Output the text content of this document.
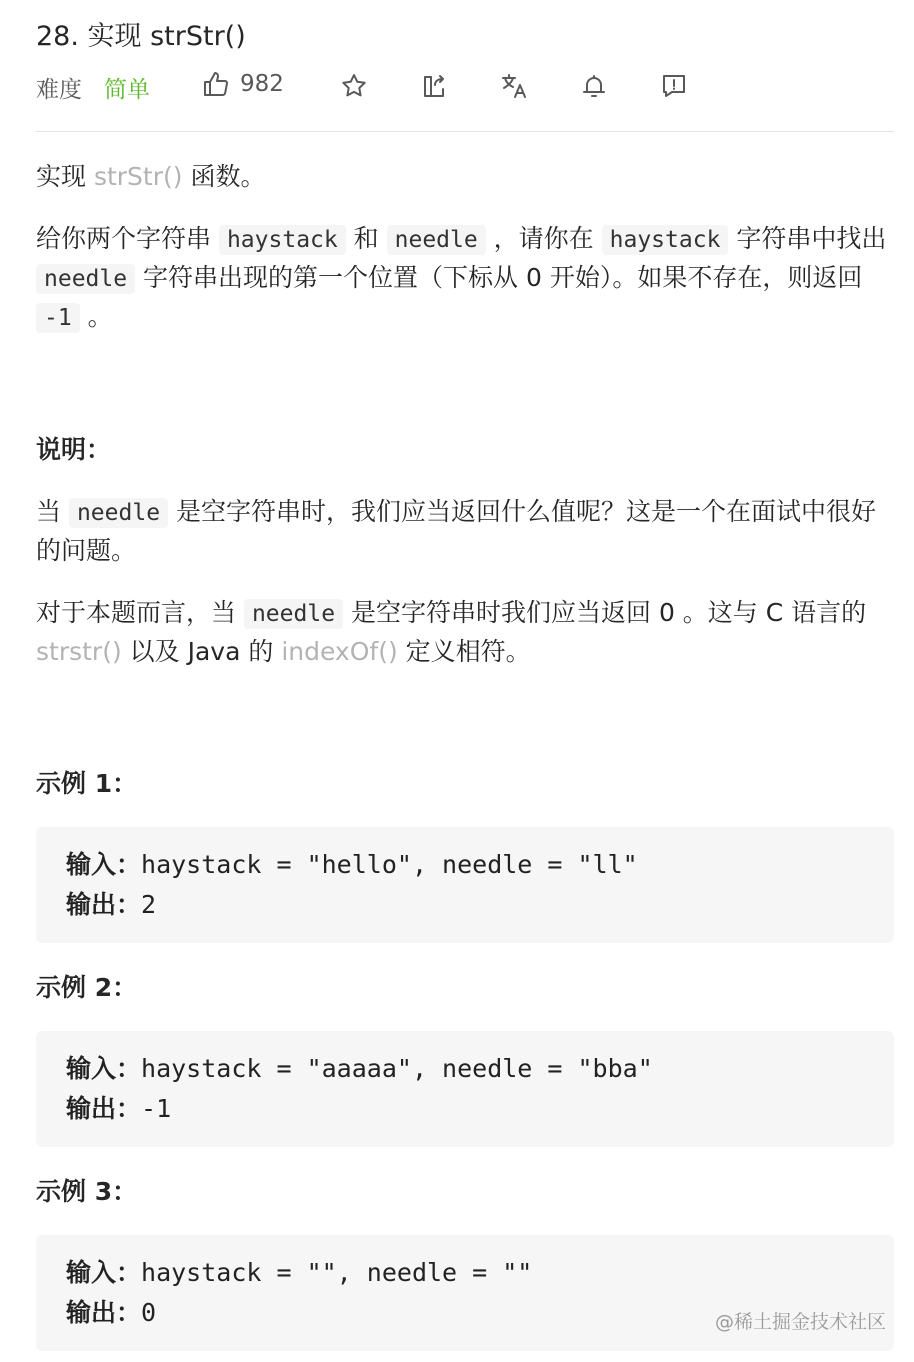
28. 实现 strStr()
难度 简单	982

实现 strStr() 函数。

给你两个字符串 haystack 和 needle ，请你在 haystack 字符串中找出 needle 字符串出现的第一个位置（下标从 0 开始）。如果不存在，则返回 -1 。

说明：

当 needle 是空字符串时，我们应当返回什么值呢？这是一个在面试中很好的问题。

对于本题而言，当 needle 是空字符串时我们应当返回 0 。这与 C 语言的 strstr() 以及 Java 的 indexOf() 定义相符。

示例 1：

输入：haystack = "hello", needle = "ll"
输出：2

示例 2：

输入：haystack = "aaaaa", needle = "bba"
输出：-1

示例 3：

输入：haystack = "", needle = ""
输出：0	@稀土掘金技术社区
